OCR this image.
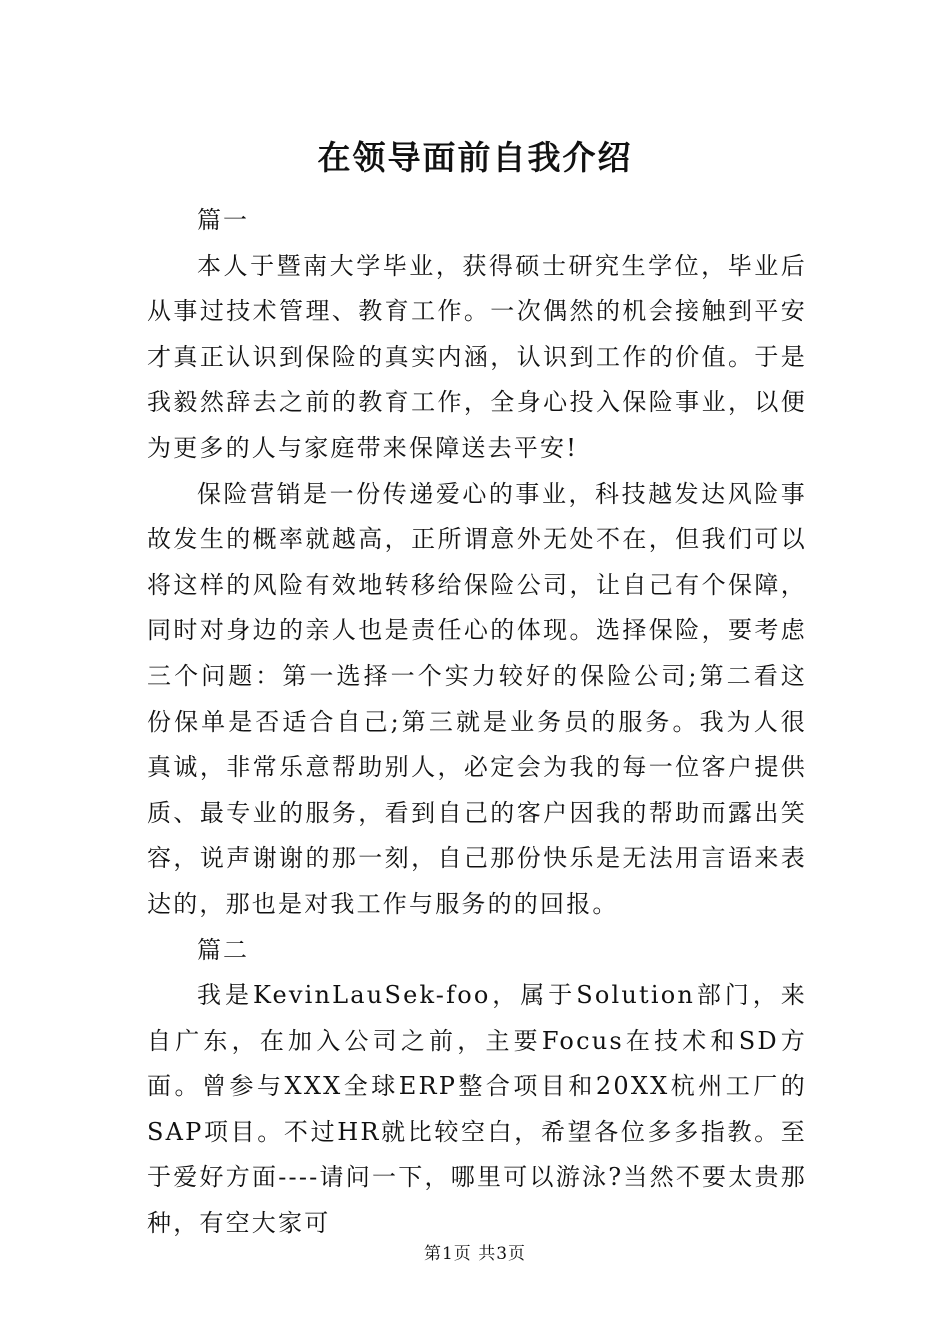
在领导面前自我介绍

篇一

本人于暨南大学毕业，获得硕士研究生学位，毕业后从事过技术管理、教育工作。一次偶然的机会接触到平安才真正认识到保险的真实内涵，认识到工作的价值。于是我毅然辞去之前的教育工作，全身心投入保险事业，以便为更多的人与家庭带来保障送去平安!

保险营销是一份传递爱心的事业，科技越发达风险事故发生的概率就越高，正所谓意外无处不在，但我们可以将这样的风险有效地转移给保险公司，让自己有个保障，同时对身边的亲人也是责任心的体现。选择保险，要考虑三个问题：第一选择一个实力较好的保险公司;第二看这份保单是否适合自己;第三就是业务员的服务。我为人很真诚，非常乐意帮助别人，必定会为我的每一位客户提供质、最专业的服务，看到自己的客户因我的帮助而露出笑容，说声谢谢的那一刻，自己那份快乐是无法用言语来表达的，那也是对我工作与服务的的回报。

篇二

我是KevinLauSek-foo，属于Solution部门，来自广东，在加入公司之前，主要Focus在技术和SD方面。曾参与XXX全球ERP整合项目和20XX杭州工厂的SAP项目。不过HR就比较空白，希望各位多多指教。至于爱好方面----请问一下，哪里可以游泳?当然不要太贵那种，有空大家可

第1页 共3页
